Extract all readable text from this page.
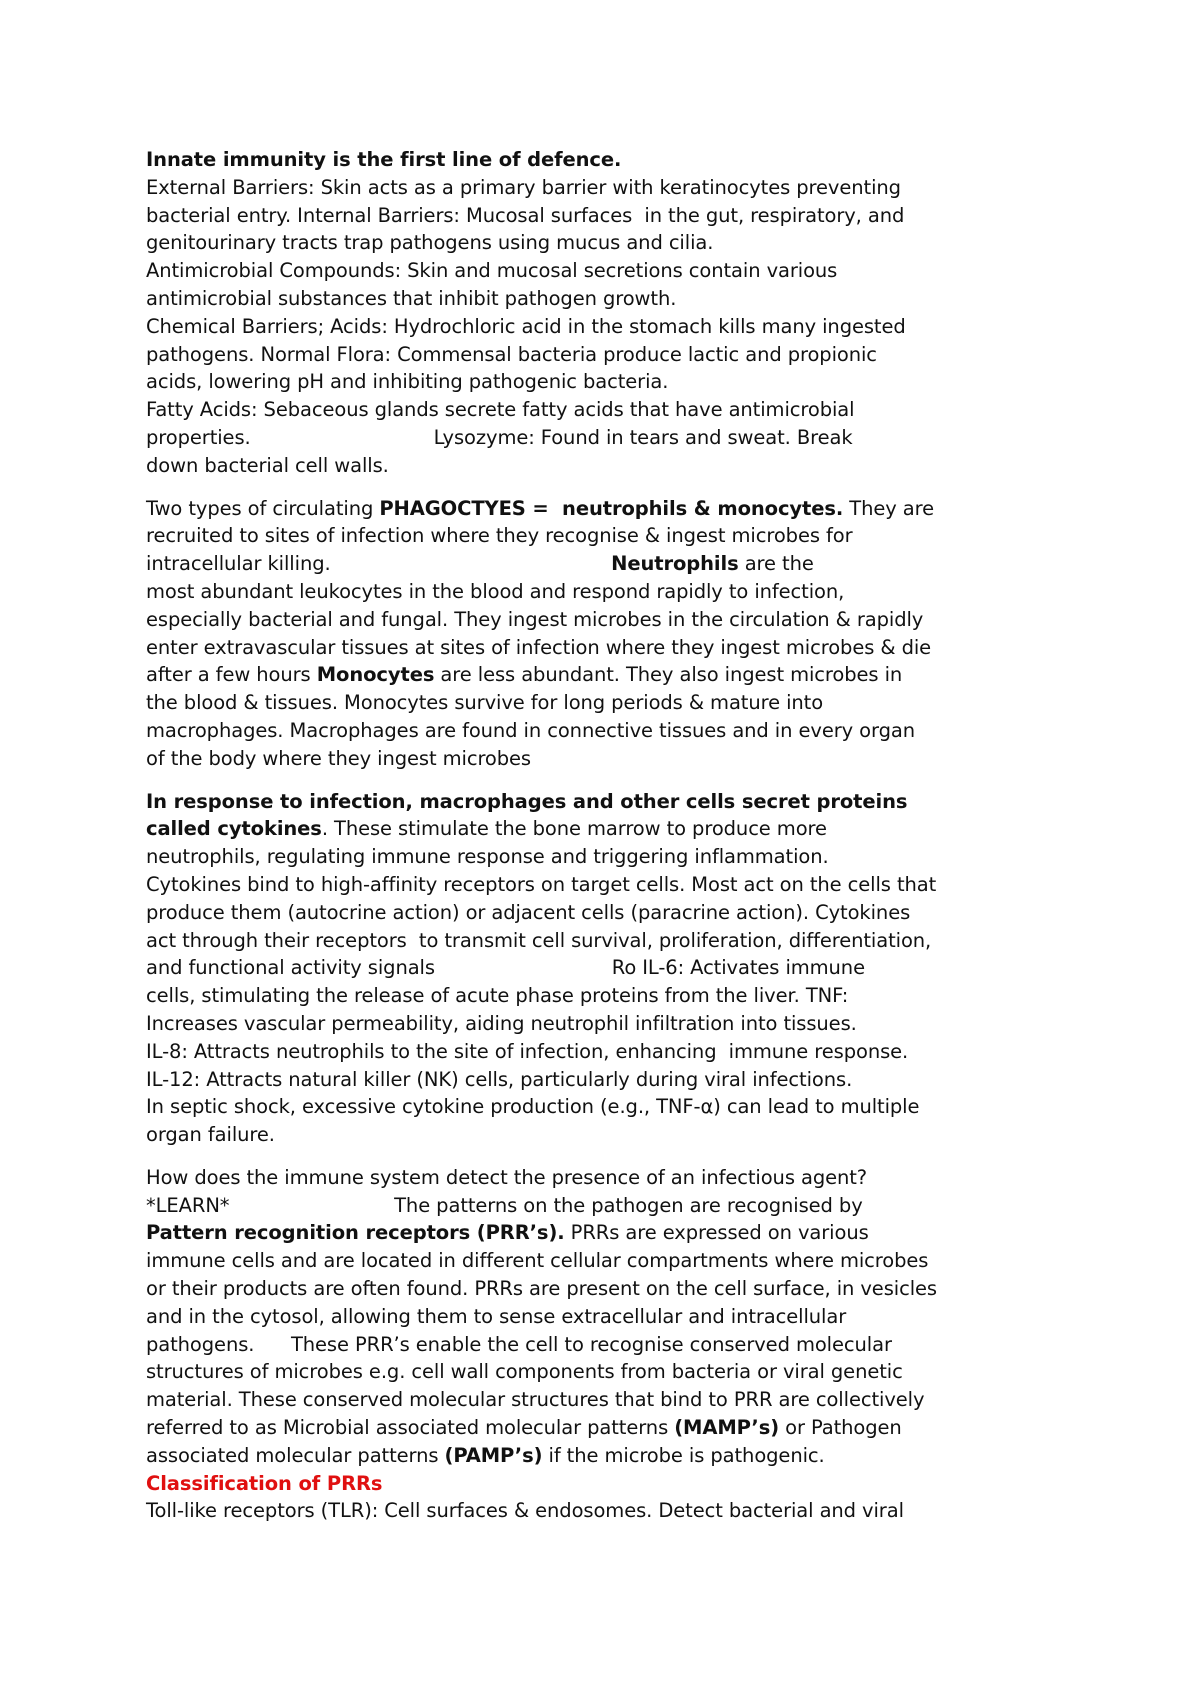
Innate immunity is the first line of defence.
External Barriers: Skin acts as a primary barrier with keratinocytes preventing
bacterial entry. Internal Barriers: Mucosal surfaces  in the gut, respiratory, and
genitourinary tracts trap pathogens using mucus and cilia.
Antimicrobial Compounds: Skin and mucosal secretions contain various
antimicrobial substances that inhibit pathogen growth.
Chemical Barriers; Acids: Hydrochloric acid in the stomach kills many ingested
pathogens. Normal Flora: Commensal bacteria produce lactic and propionic
acids, lowering pH and inhibiting pathogenic bacteria.
Fatty Acids: Sebaceous glands secrete fatty acids that have antimicrobial
properties.                              Lysozyme: Found in tears and sweat. Break
down bacterial cell walls.
Two types of circulating PHAGOCTYES =  neutrophils & monocytes. They are
recruited to sites of infection where they recognise & ingest microbes for
intracellular killing.                                              Neutrophils are the
most abundant leukocytes in the blood and respond rapidly to infection,
especially bacterial and fungal. They ingest microbes in the circulation & rapidly
enter extravascular tissues at sites of infection where they ingest microbes & die
after a few hours Monocytes are less abundant. They also ingest microbes in
the blood & tissues. Monocytes survive for long periods & mature into
macrophages. Macrophages are found in connective tissues and in every organ
of the body where they ingest microbes
In response to infection, macrophages and other cells secret proteins
called cytokines. These stimulate the bone marrow to produce more
neutrophils, regulating immune response and triggering inflammation.
Cytokines bind to high-affinity receptors on target cells. Most act on the cells that
produce them (autocrine action) or adjacent cells (paracrine action). Cytokines
act through their receptors  to transmit cell survival, proliferation, differentiation,
and functional activity signals                             Ro IL-6: Activates immune
cells, stimulating the release of acute phase proteins from the liver. TNF:
Increases vascular permeability, aiding neutrophil infiltration into tissues.
IL-8: Attracts neutrophils to the site of infection, enhancing  immune response.
IL-12: Attracts natural killer (NK) cells, particularly during viral infections.
In septic shock, excessive cytokine production (e.g., TNF-α) can lead to multiple
organ failure.
How does the immune system detect the presence of an infectious agent?
*LEARN*                           The patterns on the pathogen are recognised by
Pattern recognition receptors (PRR’s). PRRs are expressed on various
immune cells and are located in different cellular compartments where microbes
or their products are often found. PRRs are present on the cell surface, in vesicles
and in the cytosol, allowing them to sense extracellular and intracellular
pathogens.      These PRR’s enable the cell to recognise conserved molecular
structures of microbes e.g. cell wall components from bacteria or viral genetic
material. These conserved molecular structures that bind to PRR are collectively
referred to as Microbial associated molecular patterns (MAMP’s) or Pathogen
associated molecular patterns (PAMP’s) if the microbe is pathogenic.
Classification of PRRs
Toll-like receptors (TLR): Cell surfaces & endosomes. Detect bacterial and viral
